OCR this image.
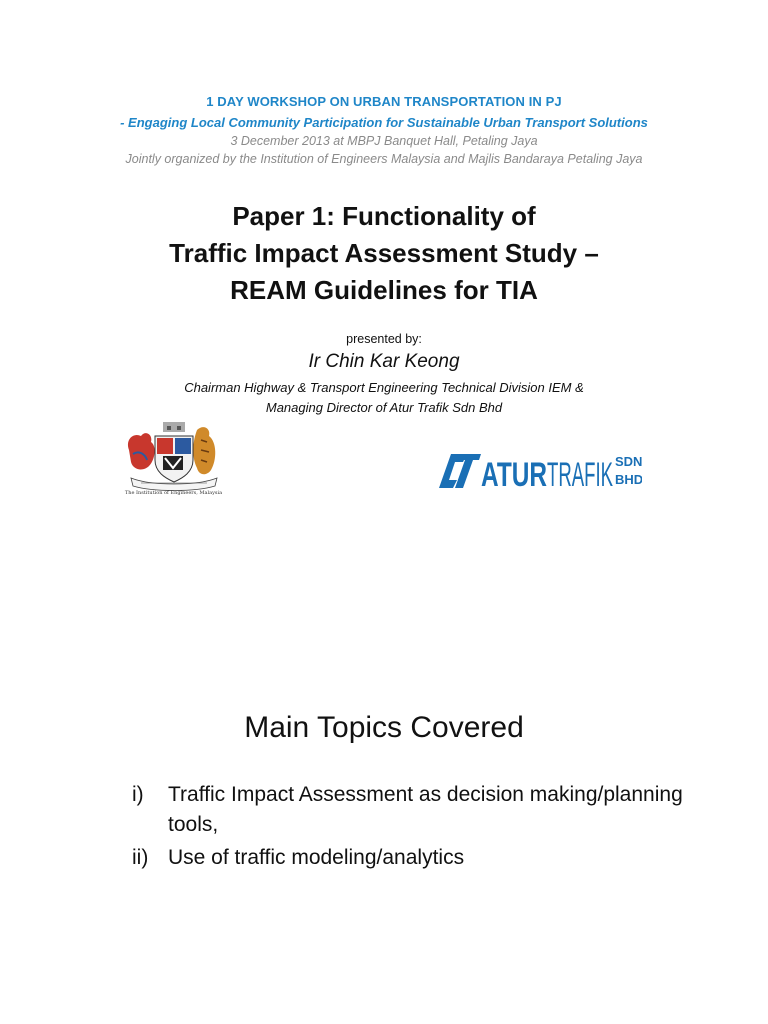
1 DAY WORKSHOP ON URBAN TRANSPORTATION IN PJ
- Engaging Local Community Participation for Sustainable Urban Transport Solutions
3 December 2013 at MBPJ Banquet Hall, Petaling Jaya
Jointly organized by the Institution of Engineers Malaysia and Majlis Bandaraya Petaling Jaya
Paper 1: Functionality of
Traffic Impact Assessment Study –
REAM Guidelines for TIA
presented by:
Ir Chin Kar Keong
Chairman Highway & Transport Engineering Technical Division IEM &
Managing Director of Atur Trafik Sdn Bhd
The Institution of Engineers, Malaysia	ATUR TRAFIK SDN
BHD
Main Topics Covered
i)	Traffic Impact Assessment as decision making/planning tools,
ii) Use of traffic modeling/analytics
